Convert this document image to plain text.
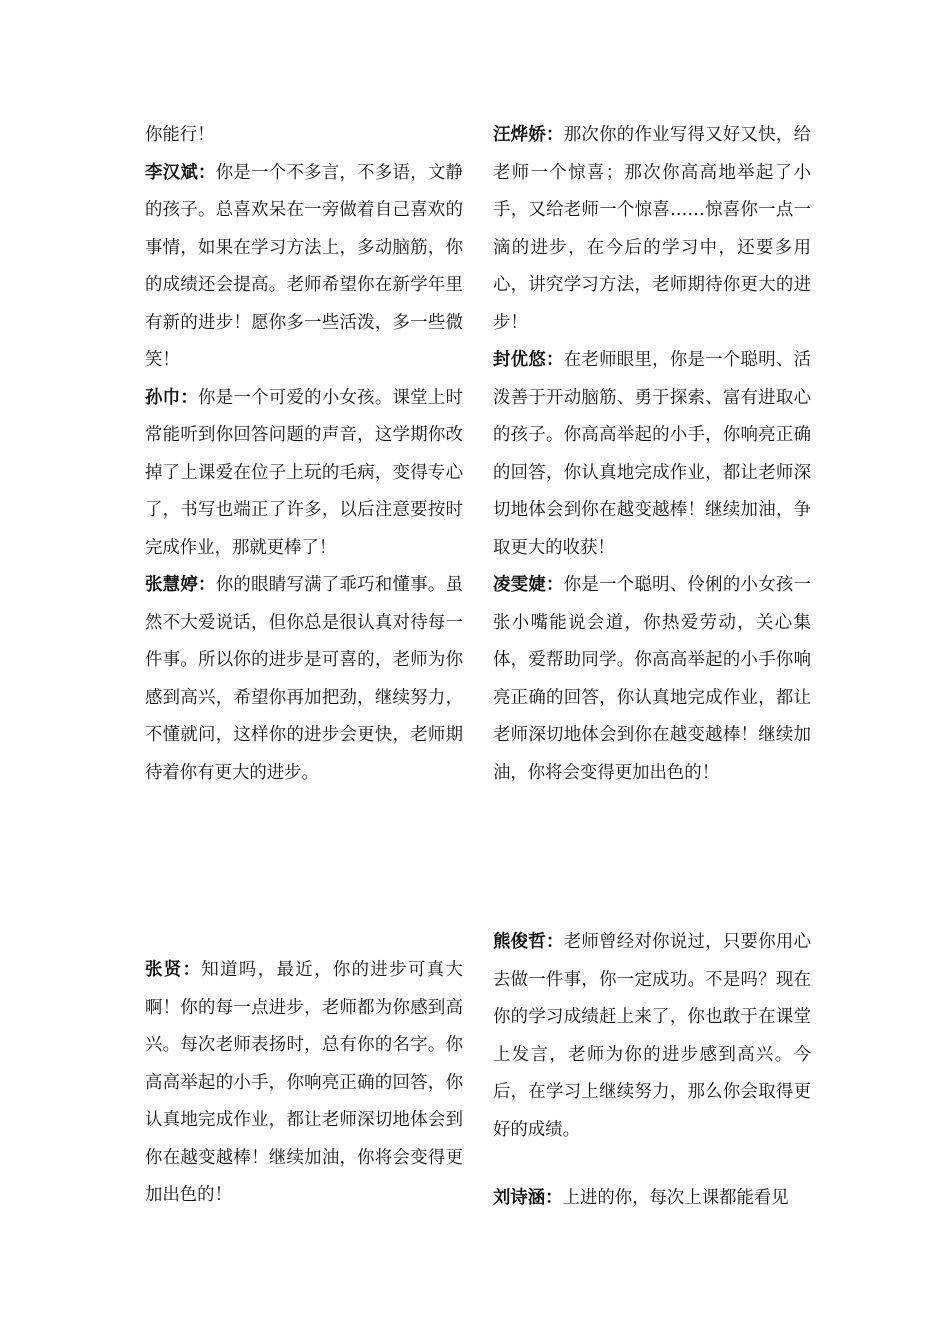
你能行！

李汉斌：你是一个不多言，不多语，文静的孩子。总喜欢呆在一旁做着自己喜欢的事情，如果在学习方法上，多动脑筋，你的成绩还会提高。老师希望你在新学年里有新的进步！愿你多一些活泼，多一些微笑！

孙巾：你是一个可爱的小女孩。课堂上时常能听到你回答问题的声音，这学期你改掉了上课爱在位子上玩的毛病，变得专心了，书写也端正了许多，以后注意要按时完成作业，那就更棒了！

张慧婷：你的眼睛写满了乖巧和懂事。虽然不大爱说话，但你总是很认真对待每一件事。所以你的进步是可喜的，老师为你感到高兴，希望你再加把劲，继续努力，不懂就问，这样你的进步会更快，老师期待着你有更大的进步。

汪烨娇：那次你的作业写得又好又快，给老师一个惊喜；那次你高高地举起了小手，又给老师一个惊喜……惊喜你一点一滴的进步，在今后的学习中，还要多用心，讲究学习方法，老师期待你更大的进步！

封优悠：在老师眼里，你是一个聪明、活泼善于开动脑筋、勇于探索、富有进取心的孩子。你高高举起的小手，你响亮正确的回答，你认真地完成作业，都让老师深切地体会到你在越变越棒！继续加油，争取更大的收获！

凌雯婕：你是一个聪明、伶俐的小女孩一张小嘴能说会道，你热爱劳动，关心集体，爱帮助同学。你高高举起的小手你响亮正确的回答，你认真地完成作业，都让老师深切地体会到你在越变越棒！继续加油，你将会变得更加出色的！

张贤：知道吗，最近，你的进步可真大啊！你的每一点进步，老师都为你感到高兴。每次老师表扬时，总有你的名字。你高高举起的小手，你响亮正确的回答，你认真地完成作业，都让老师深切地体会到你在越变越棒！继续加油，你将会变得更加出色的！

熊俊哲：老师曾经对你说过，只要你用心去做一件事，你一定成功。不是吗？现在你的学习成绩赶上来了，你也敢于在课堂上发言，老师为你的进步感到高兴。今后，在学习上继续努力，那么你会取得更好的成绩。

刘诗涵：上进的你，每次上课都能看见
